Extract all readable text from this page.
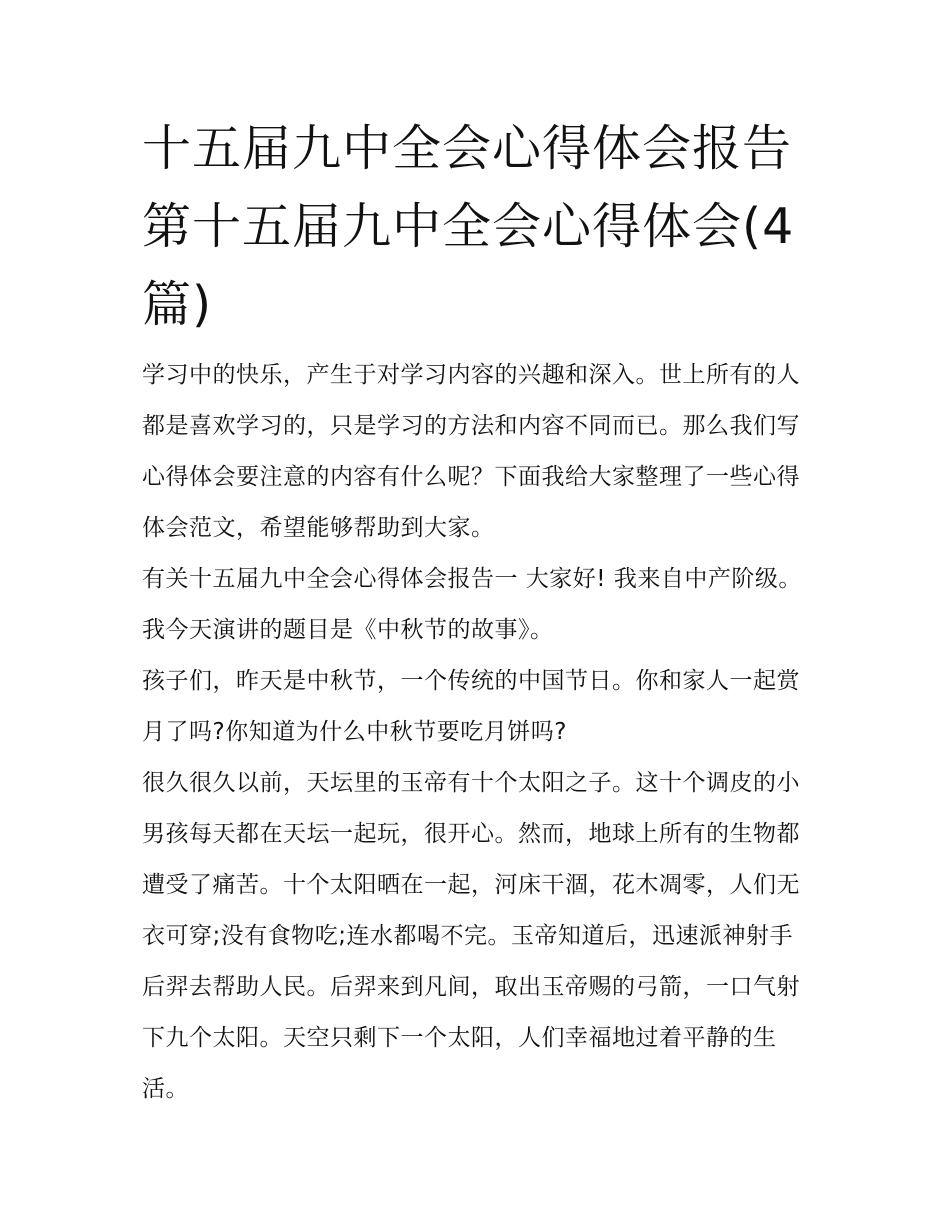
十五届九中全会心得体会报告第十五届九中全会心得体会(4篇)

学习中的快乐，产生于对学习内容的兴趣和深入。世上所有的人都是喜欢学习的，只是学习的方法和内容不同而已。那么我们写心得体会要注意的内容有什么呢？下面我给大家整理了一些心得体会范文，希望能够帮助到大家。

有关十五届九中全会心得体会报告一 大家好! 我来自中产阶级。我今天演讲的题目是《中秋节的故事》。

孩子们，昨天是中秋节，一个传统的中国节日。你和家人一起赏月了吗?你知道为什么中秋节要吃月饼吗?

很久很久以前，天坛里的玉帝有十个太阳之子。这十个调皮的小男孩每天都在天坛一起玩，很开心。然而，地球上所有的生物都遭受了痛苦。十个太阳晒在一起，河床干涸，花木凋零，人们无衣可穿;没有食物吃;连水都喝不完。玉帝知道后，迅速派神射手后羿去帮助人民。后羿来到凡间，取出玉帝赐的弓箭，一口气射下九个太阳。天空只剩下一个太阳，人们幸福地过着平静的生活。
